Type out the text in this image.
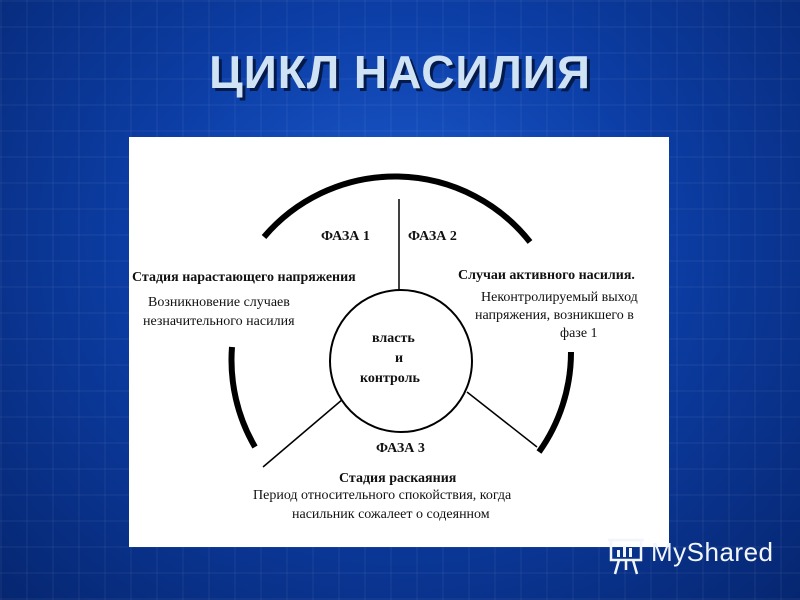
ЦИКЛ НАСИЛИЯ
власть
и
контроль
ФАЗА 1
Стадия нарастающего напряжения
Возникновение случаев
незначительного насилия
ФАЗА 2
Случаи активного насилия.
Неконтролируемый выход
напряжения, возникшего в
фазе 1
ФАЗА 3
Стадия раскаяния
Период относительного спокойствия, когда
насильник сожалеет о содеянном
MyShared
